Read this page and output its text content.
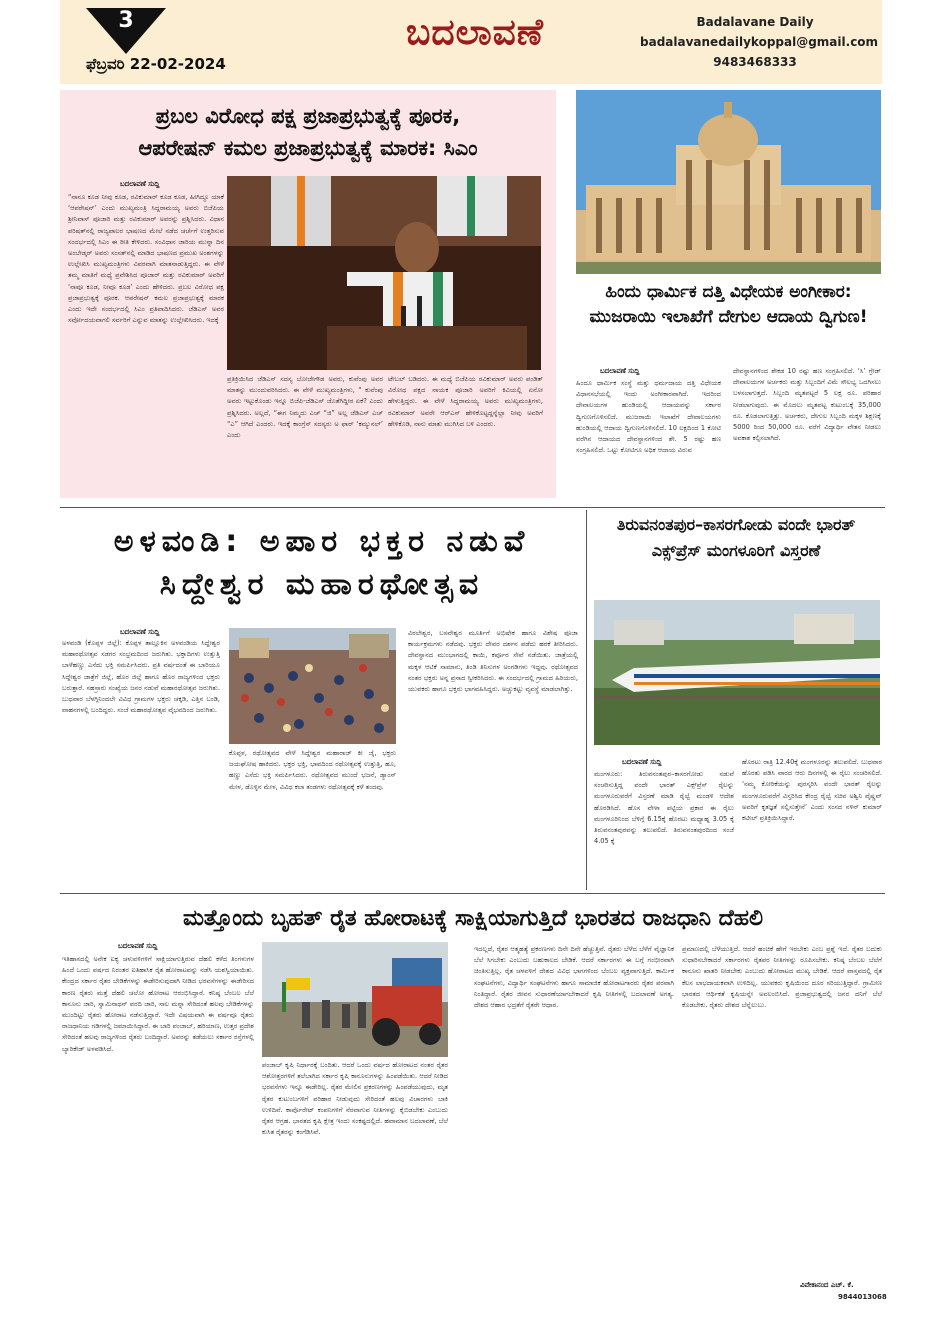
3
ಫೆಬ್ರವರಿ 22-02-2024
ಬದಲಾವಣೆ	Badalavane Daily
badalavanedailykoppal@gmail.com
9483468333
ಪ್ರಬಲ ವಿರೋಧ ಪಕ್ಷ ಪ್ರಜಾಪ್ರಭುತ್ವಕ್ಕೆ ಪೂರಕ,
ಆಪರೇಷನ್ ಕಮಲ ಪ್ರಜಾಪ್ರಭುತ್ವಕ್ಕೆ ಮಾರಕ: ಸಿಎಂ
ಬದಲಾವಣೆ ಸುದ್ದಿ
“ನಾನೂ ಕೂಡ ನೀವು ಕೂಡ, ರವಿಕುಮಾರ್ ಕೂಡ ಕೂಡ, ಹೀಗಿದ್ದೂ ಯಾಕೆ ‘ಆಪರೇಷನ್’ ಎಂದು ಮುಖ್ಯಮಂತ್ರಿ ಸಿದ್ದರಾಮಯ್ಯ ಅವರು ಬಿಜೆಪಿಯ ಶ್ರೀನಿವಾಸ್ ಪೂಜಾರಿ ಮತ್ತು ರವಿಕುಮಾರ್ ಅವರನ್ನು ಪ್ರಶ್ನಿಸಿದರು. ವಿಧಾನ ಪರಿಷತ್‌ನಲ್ಲಿ ರಾಜ್ಯಪಾಲರ ಭಾಷಣದ ಮೇಲೆ ನಡೆದ ಚರ್ಚೆಗೆ ಉತ್ತರಿಸುವ ಸಂದರ್ಭದಲ್ಲಿ ಸಿಎಂ ಈ ರೀತಿ ಕೇಳಿದರು. ಸಂವಿಧಾನ ಜಾರಿಯ ಮುನ್ನಾ ದಿನ ಅಂಬೇಡ್ಕರ್ ಅವರು ಸಂಸತ್‌ನಲ್ಲಿ ಮಾಡಿದ ಭಾಷಣದ ಪ್ರಮುಖ ಅಂಶಗಳನ್ನು ಉಲ್ಲೇಖಿಸಿ ಮುಖ್ಯಮಂತ್ರಿಗಳು ವಿವರವಾಗಿ ಮಾತನಾಡುತ್ತಿದ್ದರು. ಈ ವೇಳೆ ತಮ್ಮ ಮಾತಿಗೆ ಮಧ್ಯೆ ಪ್ರವೇಶಿಸಿದ ಪೂಜಾರ್ ಮತ್ತು ರವಿಕುಮಾರ್ ಅವರಿಗೆ ‘ನಾವೂ ಕೂಡ, ನೀವೂ ಕೂಡ’ ಎಂದು ಹೇಳಿದರು. ಪ್ರಬಲ ವಿರೋಧ ಪಕ್ಷ ಪ್ರಜಾಪ್ರಭುತ್ವಕ್ಕೆ ಪೂರಕ. ಆಪರೇಷನ್ ಕಮಲ ಪ್ರಜಾಪ್ರಭುತ್ವಕ್ಕೆ ಮಾರಕ ಎಂದು ಇದೇ ಸಂದರ್ಭದಲ್ಲಿ ಸಿಎಂ ಪ್ರತಿಪಾದಿಸಿದರು. ಜೆಡಿಎಸ್ ಅವರ ಸರ್ವೋದಯವಾಗಲಿ ಸರ್ವರಿಗೆ ಎನ್ನುವ ಮಾತನ್ನು ಉಲ್ಲೇಖಿಸಿದರು. ಇದಕ್ಕೆ
ಪ್ರತಿಕ್ರಿಯಿಸಿದ ಜೆಡಿಎಸ್ ಸದಸ್ಯ ಬೋಜೇಗೌಡ ಅವರು, ಕುವೆಂಪು ಅವರ ಮಾತನ್ನು ಮುಂದುವರಿಸಿದರು. ಈ ವೇಳೆ ಮುಖ್ಯಮಂತ್ರಿಗಳು, “ ಕುವೆಂಪು ಅವರು ಇಟ್ಟುಕೊಂಡು ಇನ್ನೂ ಬಿಜೆಪಿ-ಜೆಡಿಎಸ್ ಜೊತೆಗಿದ್ದೀರ ಏಕೆ? ಎಂದು ಪ್ರಶ್ನಿಸಿದರು. ಅಲ್ಲದೆ, “ಈಗ ನಿಮ್ಮದು ಎಚ್ “ಜಿ” ಅಲ್ಲ ಜೆಡಿಎಸ್ ಎಚ್ “ಎ” ಆಗಿದೆ ಎಂದರು. ಇದಕ್ಕೆ ಕಾಂಗ್ರೆಸ್ ಸದಸ್ಯರು ಅ ಫಾರ್ ‘ಕಮ್ಯುನಲ್’ ಎಂದು
ಟೇಬಲ್ ಬಡಿದರು. ಈ ಮಧ್ಯೆ ಬಿಜೆಪಿಯ ರವಿಕುಮಾರ್ ಅವರು ಪಂಡಿತ್ ವಿರೋಧ ಪಕ್ಷದ ನಾಯಕ ಪೂಜಾರಿ ಅವರಿಗೆ ಕಿವಿಯಲ್ಲಿ ಏನೋ ಹೇಳುತ್ತಿದ್ದರು. ಈ ವೇಳೆ ಸಿದ್ದರಾಮಯ್ಯ ಅವರು ಮುಖ್ಯಮಂತ್ರಿಗಳು, ರವಿಕುಮಾರ್ ಅವರೇ ಆರ್‌ಎಸ್‌ ಹೇಳಿಕೊಟ್ಟದ್ದನ್ನೆಲ್ಲಾ ನೀವು ಅವರಿಗೆ ಹೇಳಿಕೊಡಿ, ನಾನು ಮಾತು ಮುಗಿಸಿದ ಬಳಿ ಎಂದರು.
ಹಿಂದು ಧಾರ್ಮಿಕ ದತ್ತಿ ವಿಧೇಯಕ ಅಂಗೀಕಾರ: ಮುಜರಾಯಿ ಇಲಾಖೆಗೆ ದೇಗುಲ ಆದಾಯ ದ್ವಿಗುಣ!
ಬದಲಾವಣೆ ಸುದ್ದಿ
ಹಿಂದೂ ಧಾರ್ಮಿಕ ಸಂಸ್ಥೆ ಮತ್ತು ಧರ್ಮದಾಯ ದತ್ತಿ ವಿಧೇಯಕ ವಿಧಾನಸಭೆಯಲ್ಲಿ ಇಂದು ಅಂಗೀಕಾರವಾಗಿದೆ. ಇದರಿಂದ ದೇವಾಲಯಗಳ ಹುಂಡಿಯಲ್ಲಿ ಆದಾಯವನ್ನು ಸರ್ಕಾರ ದ್ವಿಗುಣಗೊಳಿಸಲಿದೆ. ಮುಜರಾಯಿ ಇಲಾಖೆಗೆ ದೇವಾಲಯಗಳು ಹುಂಡಿಯಲ್ಲಿ ಆದಾಯ ದ್ವಿಗುಣಗೊಳಿಸಲಿದೆ. 10 ಲಕ್ಷದಿಂದ 1 ಕೋಟಿ ವರೆಗಿನ ಆದಾಯದ ದೇವಸ್ಥಾನಗಳಿಂದ ಶೇ. 5 ರಷ್ಟು ಹಣ ಸಂಗ್ರಹಿಸಲಿದೆ. ಒಟ್ಟು ಕೋಟಿಗೂ ಅಧಿಕ ಆದಾಯ ವಿರುವ
ದೇವಸ್ಥಾನಗಳಿಂದ ಶೇಕಡ 10 ರಷ್ಟು ಹಣ ಸಂಗ್ರಹಿಸಲಿದೆ. ‘ಸಿ’ ಗ್ರೇಡ್ ದೇವಾಲಯಗಳ ಅರ್ಚಕರು ಮತ್ತು ಸಿಬ್ಬಂದಿಗೆ ವಿಮೆ ಸೌಲಭ್ಯ ಒದಗಿಸಲು ಬಳಸಲಾಗುತ್ತದೆ. ಸಿಬ್ಬಂದಿ ಮೃತಪಟ್ಟರೆ 5 ಲಕ್ಷ ರೂ. ಪರಿಹಾರ ನೀಡಲಾಗುವುದು. ಈ ಮೊದಲು ಮೃತಪಟ್ಟ ಕುಟುಂಬಕ್ಕೆ 35,000 ರೂ. ಕೊಡಲಾಗುತ್ತಿತ್ತು. ಅರ್ಚಕರು, ದೇಗುಲ ಸಿಬ್ಬಂದಿ ಮಕ್ಕಳ ಶಿಕ್ಷಣಕ್ಕೆ 5000 ರಿಂದ 50,000 ರೂ. ವರೆಗೆ ವಿದ್ಯಾರ್ಥಿ ವೇತನ ನೀಡಲು ಅವಕಾಶ ಕಲ್ಪಿಸಲಾಗಿದೆ.
ಅಳವಂಡಿ: ಅಪಾರ ಭಕ್ತರ ನಡುವೆ
ಸಿದ್ದೇಶ್ವರ ಮಹಾರಥೋತ್ಸವ
ಬದಲಾವಣೆ ಸುದ್ದಿ
ಅಳವಂಡಿ (ಕೊಪ್ಪಳ ಜಿಲ್ಲೆ): ಕೊಪ್ಪಳ ತಾಲ್ಲೂಕಿನ ಅಳವಂಡಿಯ ಸಿದ್ದೇಶ್ವರ ಮಹಾರಥೋತ್ಸವ ಸಡಗರ ಸಂಭ್ರಮದಿಂದ ಜರುಗಿತು. ಭಕ್ತಾದಿಗಳು ಉತ್ತುತ್ತಿ ಬಾಳೆಹಣ್ಣು ಎಸೆದು ಭಕ್ತಿ ಸಮರ್ಪಿಸಿದರು. ಪ್ರತಿ ವರ್ಷದಂತೆ ಈ ಬಾರಿಯೂ ಸಿದ್ದೇಶ್ವರ ಜಾತ್ರೆಗೆ ಜಿಲ್ಲೆ, ಹೊರ ಜಿಲ್ಲೆ ಹಾಗೂ ಹೊರ ರಾಜ್ಯಗಳಿಂದ ಭಕ್ತರು ಬರುತ್ತಾರೆ. ಸಹಸ್ರಾರು ಸಂಖ್ಯೆಯ ಜನರ ನಡುವೆ ಮಹಾರಥೋತ್ಸವ ಜರುಗಿತು. ಬುಧವಾರ ಬೆಳಗ್ಗಿನಿಂದಲೇ ವಿವಿಧ ಗ್ರಾಮಗಳ ಭಕ್ತರು ಚಕ್ಕಡಿ, ಎತ್ತಿನ ಬಂಡಿ, ವಾಹನಗಳಲ್ಲಿ ಬಂದಿದ್ದರು. ಸಂಜೆ ಮಹಾರಥೋತ್ಸವ ವೈಭವದಿಂದ ಜರುಗಿತು.
ಕೊಪ್ಪಳ, ರಥೋತ್ಸವದ ವೇಳೆ ಸಿದ್ದೇಶ್ವರ ಮಹಾರಾಜ್ ಕೀ ಜೈ, ಭಕ್ತರು ಜಯಘೋಷ ಹಾಕಿದರು. ಭಕ್ತರ ಭಕ್ತಿ, ಭಾವದಿಂದ ರಥೋತ್ಸವಕ್ಕೆ ಉತ್ತುತ್ತಿ, ಹೂ, ಹಣ್ಣು ಎಸೆದು ಭಕ್ತಿ ಸಮರ್ಪಿಸಿದರು. ರಥೋತ್ಸವದ ಮುಂದೆ ಭಜನೆ, ಡ್ಯಾಂಸ್ ಮೇಳ, ಡೊಳ್ಳಿನ ಮೇಳ, ವಿವಿಧ ಕಲಾ ತಂಡಗಳು ರಥೋತ್ಸವಕ್ಕೆ ಕಳೆ ತಂದವು.
ವಿಠಲೇಶ್ವರ, ಬಸವೇಶ್ವರ ಮೂರ್ತಿಗೆ ಅಭಿಷೇಕ ಹಾಗೂ ವಿಶೇಷ ಪೂಜಾ ಕಾರ್ಯಕ್ರಮಗಳು ನಡೆದವು. ಭಕ್ತರು ದೇವರ ದರ್ಶನ ಪಡೆದು ಹರಕೆ ತೀರಿಸಿದರು. ದೇವಸ್ಥಾನದ ಮುಂಭಾಗದಲ್ಲಿ ಕಾಯಿ, ಕರ್ಪೂರ ಸೇವೆ ನಡೆಯಿತು. ಜಾತ್ರೆಯಲ್ಲಿ ಮಕ್ಕಳ ಆಟಿಕೆ ಸಾಮಾನು, ತಿಂಡಿ ತಿನಿಸುಗಳ ಅಂಗಡಿಗಳು ಇದ್ದವು. ರಥೋತ್ಸವದ ನಂತರ ಭಕ್ತರು ಅನ್ನ ಪ್ರಸಾದ ಸ್ವೀಕರಿಸಿದರು. ಈ ಸಂದರ್ಭದಲ್ಲಿ ಗ್ರಾಮದ ಹಿರಿಯರು, ಯುವಕರು ಹಾಗೂ ಭಕ್ತರು ಭಾಗವಹಿಸಿದ್ದರು. ಅಚ್ಚುಕಟ್ಟು ವ್ಯವಸ್ಥೆ ಮಾಡಲಾಗಿತ್ತು.
ತಿರುವನಂತಪುರ–ಕಾಸರಗೋಡು ವಂದೇ ಭಾರತ್ ಎಕ್ಸ್‌ಪ್ರೆಸ್ ಮಂಗಳೂರಿಗೆ ವಿಸ್ತರಣೆ
ಬದಲಾವಣೆ ಸುದ್ದಿ
ಮಂಗಳೂರು: ತಿರುವನಂತಪುರ–ಕಾಸರಗೋಡು ನಡುವೆ ಸಂಚರಿಸುತ್ತಿದ್ದ ವಂದೇ ಭಾರತ್ ಎಕ್ಸ್‌ಪ್ರೆಸ್ ರೈಲನ್ನು ಮಂಗಳೂರುವರೆಗೆ ವಿಸ್ತರಣೆ ಮಾಡಿ ರೈಲ್ವೆ ಮಂಡಳಿ ಆದೇಶ ಹೊರಡಿಸಿದೆ. ಹೊಸ ವೇಳಾ ಪಟ್ಟಿಯ ಪ್ರಕಾರ ಈ ರೈಲು ಮಂಗಳೂರಿನಿಂದ ಬೆಳಿಗ್ಗೆ 6.15ಕ್ಕೆ ಹೊರಟು ಮಧ್ಯಾಹ್ನ 3.05 ಕ್ಕೆ ತಿರುವನಂತಪುರವನ್ನು ತಲುಪಲಿದೆ. ತಿರುವನಂತಪುರದಿಂದ ಸಂಜೆ 4.05 ಕ್ಕೆ
ಹೊರಟು ರಾತ್ರಿ 12.40ಕ್ಕೆ ಮಂಗಳೂರನ್ನು ತಲುಪಲಿದೆ. ಬುಧವಾರ ಹೊರತು ಪಡಿಸಿ ವಾರದ ಆರು ದಿನಗಳಲ್ಲಿ ಈ ರೈಲು ಸಂಚರಿಸಲಿದೆ. ‘ನಮ್ಮ ಕೋರಿಕೆಯನ್ನು ಪುರಸ್ಕರಿಸಿ ವಂದೇ ಭಾರತ್ ರೈಲನ್ನು ಮಂಗಳೂರುವರೆಗೆ ವಿಸ್ತರಿಸಿದ ಕೇಂದ್ರ ರೈಲ್ವೆ ಸಚಿವ ಅಶ್ವಿನಿ ವೈಷ್ಣವ್ ಅವರಿಗೆ ಕೃತಜ್ಞತೆ ಸಲ್ಲಿಸುತ್ತೇನೆ’ ಎಂದು ಸಂಸದ ನಳಿನ್ ಕುಮಾರ್ ಕಟೀಲ್ ಪ್ರತಿಕ್ರಿಯಿಸಿದ್ದಾರೆ.
ಮತ್ತೊಂದು ಬೃಹತ್ ರೈತ ಹೋರಾಟಕ್ಕೆ ಸಾಕ್ಷಿಯಾಗುತ್ತಿದೆ ಭಾರತದ ರಾಜಧಾನಿ ದೆಹಲಿ
ಬದಲಾವಣೆ ಸುದ್ದಿ
ಇತಿಹಾಸದಲ್ಲಿ ಅನೇಕ ಐಕ್ಯ ಚಳುವಳಿಗಳಿಗೆ ಸಾಕ್ಷಿಯಾಗುತ್ತಿರುವ ದೆಹಲಿ ಕಳೆದ ತಿಂಗಳುಗಳ ಹಿಂದೆ ಒಂದು ವರ್ಷದ ನಿರಂತರ ಐತಿಹಾಸಿಕ ರೈತ ಹೋರಾಟವನ್ನು ನಡೆಸಿ ಯಶಸ್ವಿಯಾಯಿತು. ಕೇಂದ್ರದ ಸರ್ಕಾರ ರೈತರ ಬೇಡಿಕೆಗಳನ್ನು ಈಡೇರಿಸುವುದಾಗಿ ನೀಡಿದ ಭರವಸೆಗಳನ್ನು ಈಡೇರಿಸದ ಕಾರಣ ರೈತರು ಮತ್ತೆ ದೆಹಲಿ ಚಲೋ ಹೋರಾಟ ಆರಂಭಿಸಿದ್ದಾರೆ. ಕನಿಷ್ಠ ಬೆಂಬಲ ಬೆಲೆ ಕಾನೂನು ಜಾರಿ, ಸ್ವಾಮಿನಾಥನ್ ವರದಿ ಜಾರಿ, ಸಾಲ ಮನ್ನಾ ಸೇರಿದಂತೆ ಹಲವು ಬೇಡಿಕೆಗಳನ್ನು ಮುಂದಿಟ್ಟು ರೈತರು ಹೋರಾಟ ನಡೆಸುತ್ತಿದ್ದಾರೆ. ಇದೇ ವಿಷಯವಾಗಿ ಈ ವರ್ಷವೂ ರೈತರು ರಾಜಧಾನಿಯ ಗಡಿಗಳಲ್ಲಿ ಜಮಾಯಿಸಿದ್ದಾರೆ. ಈ ಬಾರಿ ಪಂಜಾಬ್, ಹರಿಯಾಣ, ಉತ್ತರ ಪ್ರದೇಶ ಸೇರಿದಂತೆ ಹಲವು ರಾಜ್ಯಗಳಿಂದ ರೈತರು ಬಂದಿದ್ದಾರೆ. ಅವರನ್ನು ತಡೆಯಲು ಸರ್ಕಾರ ರಸ್ತೆಗಳಲ್ಲಿ ಬ್ಯಾರಿಕೇಡ್ ಅಳವಡಿಸಿದೆ.
ಪಂಜಾಬ್ ಕೃಷಿ ನಿರ್ಧಾರಕ್ಕೆ ಬಂದಿತು. ಆದರೆ ಒಂದು ವರ್ಷದ ಹೋರಾಟದ ನಂತರ ರೈತರ ಆಶೋತ್ತರಗಳಿಗೆ ತಲೆಬಾಗಿದ ಸರ್ಕಾರ ಕೃಷಿ ಕಾನೂನುಗಳನ್ನು ಹಿಂಪಡೆಯಿತು. ಆದರೆ ನೀಡಿದ ಭರವಸೆಗಳು ಇನ್ನೂ ಈಡೇರಿಲ್ಲ. ರೈತರ ಮೇಲಿನ ಪ್ರಕರಣಗಳನ್ನು ಹಿಂಪಡೆಯುವುದು, ಮೃತ ರೈತರ ಕುಟುಂಬಗಳಿಗೆ ಪರಿಹಾರ ನೀಡುವುದು ಸೇರಿದಂತೆ ಹಲವು ವಿಚಾರಗಳು ಬಾಕಿ ಉಳಿದಿವೆ. ಕಾರ್ಪೊರೇಟ್ ಕಂಪನಿಗಳಿಗೆ ನೆರವಾಗುವ ನೀತಿಗಳನ್ನು ಕೈಬಿಡಬೇಕು ಎಂಬುದು ರೈತರ ಆಗ್ರಹ. ಭಾರತದ ಕೃಷಿ ಕ್ಷೇತ್ರ ಇಂದು ಸಂಕಷ್ಟದಲ್ಲಿದೆ. ಹವಾಮಾನ ಬದಲಾವಣೆ, ಬೆಲೆ ಕುಸಿತ ರೈತರನ್ನು ಕಂಗೆಡಿಸಿವೆ.
ಇದಲ್ಲದೆ, ರೈತರ ಆತ್ಮಹತ್ಯೆ ಪ್ರಕರಣಗಳು ದಿನೇ ದಿನೇ ಹೆಚ್ಚುತ್ತಿವೆ. ರೈತರು ಬೆಳೆದ ಬೆಳೆಗೆ ವೈಜ್ಞಾನಿಕ ಬೆಲೆ ಸಿಗಬೇಕು ಎಂಬುದು ಬಹುಕಾಲದ ಬೇಡಿಕೆ. ಆದರೆ ಸರ್ಕಾರಗಳು ಈ ಬಗ್ಗೆ ಗಂಭೀರವಾಗಿ ಚಿಂತಿಸುತ್ತಿಲ್ಲ. ರೈತ ಚಳವಳಿಗೆ ದೇಶದ ವಿವಿಧ ಭಾಗಗಳಿಂದ ಬೆಂಬಲ ವ್ಯಕ್ತವಾಗುತ್ತಿದೆ. ಕಾರ್ಮಿಕ ಸಂಘಟನೆಗಳು, ವಿದ್ಯಾರ್ಥಿ ಸಂಘಟನೆಗಳು ಹಾಗೂ ಸಾಮಾಜಿಕ ಹೋರಾಟಗಾರರು ರೈತರ ಪರವಾಗಿ ನಿಂತಿದ್ದಾರೆ. ರೈತರ ಜೀವನ ಸುಧಾರಣೆಯಾಗಬೇಕಾದರೆ ಕೃಷಿ ನೀತಿಗಳಲ್ಲಿ ಬದಲಾವಣೆ ಅಗತ್ಯ. ದೇಶದ ಆಹಾರ ಭದ್ರತೆಗೆ ರೈತರೇ ಆಧಾರ.
ಪ್ರಮಾಣದಲ್ಲಿ ಬೆಳೆಯುತ್ತಿದೆ. ಆದರೆ ಹಂಚಿಕೆ ಹೇಗೆ ಇರಬೇಕು ಎಂಬ ಪ್ರಶ್ನೆ ಇದೆ. ರೈತರ ಬದುಕು ಸುಧಾರಿಸಬೇಕಾದರೆ ಸರ್ಕಾರಗಳು ರೈತಪರ ನೀತಿಗಳನ್ನು ರೂಪಿಸಬೇಕು. ಕನಿಷ್ಠ ಬೆಂಬಲ ಬೆಲೆಗೆ ಕಾನೂನು ಖಾತರಿ ನೀಡಬೇಕು ಎಂಬುದು ಹೋರಾಟದ ಮುಖ್ಯ ಬೇಡಿಕೆ. ಆದರೆ ವಾಸ್ತವದಲ್ಲಿ ರೈತ ಕೆಲಸ ಲಾಭದಾಯಕವಾಗಿ ಉಳಿದಿಲ್ಲ. ಯುವಕರು ಕೃಷಿಯಿಂದ ದೂರ ಸರಿಯುತ್ತಿದ್ದಾರೆ. ಗ್ರಾಮೀಣ ಭಾರತದ ಆರ್ಥಿಕತೆ ಕೃಷಿಯನ್ನೇ ಅವಲಂಬಿಸಿದೆ. ಪ್ರಜಾಪ್ರಭುತ್ವದಲ್ಲಿ ಜನರ ದನಿಗೆ ಬೆಲೆ ಕೊಡಬೇಕು. ರೈತರು ದೇಶದ ಬೆನ್ನೆಲುಬು.
ವಿವೇಕಾನಂದ ಎಚ್. ಕೆ.
9844013068
